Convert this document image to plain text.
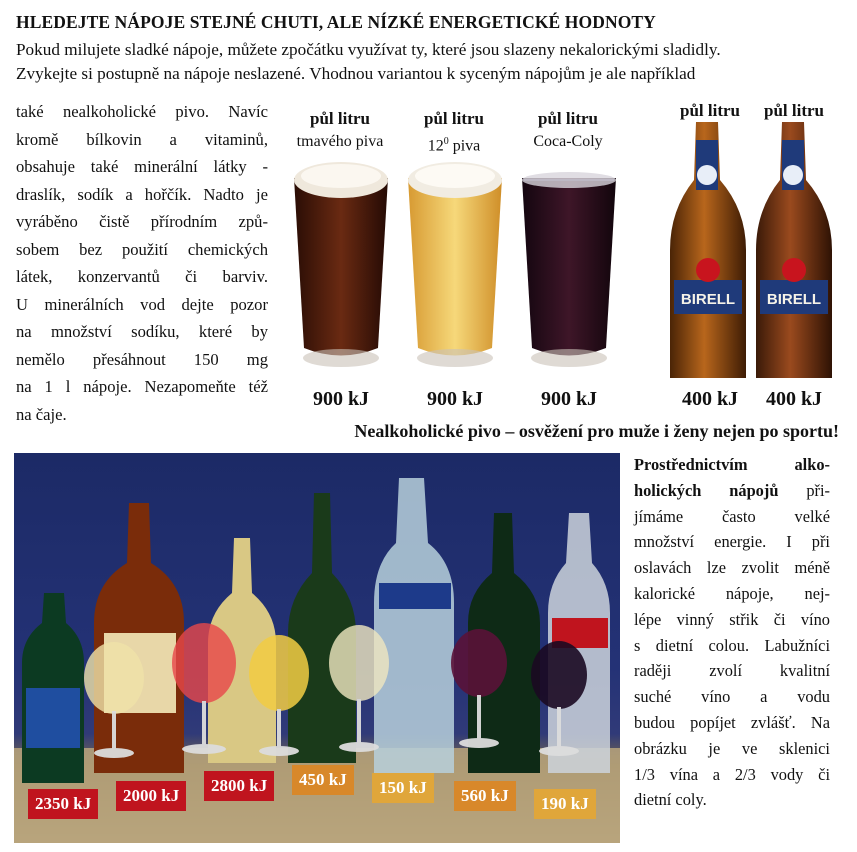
HLEDEJTE NÁPOJE STEJNÉ CHUTI, ALE NÍZKÉ ENERGETICKÉ HODNOTY
Pokud milujete sladké nápoje, můžete zpočátku využívat ty, které jsou slazeny nekalorickými sladidly.
Zvykejte si postupně na nápoje neslazené. Vhodnou variantou k syceným nápojům je ale například
také nealkoholické pivo. Navíc
kromě bílkovin a vitaminů,
obsahuje také minerální látky -
draslík, sodík a hořčík. Nadto je
vyráběno čistě přírodním způ-
sobem bez použití chemických
látek, konzervantů či barviv.
U minerálních vod dejte pozor
na množství sodíku, které by
nemělo přesáhnout 150 mg
na 1 l nápoje. Nezapomeňte též
na čaje.
půl litru
tmavého piva
900 kJ
půl litru
$12^0$ piva
900 kJ
půl litru
Coca-Coly
900 kJ
půl litru	půl litru
BIRELL BIRELL
400 kJ	400 kJ
Nealkoholické pivo – osvěžení pro muže i ženy nejen po sportu!
2350 kJ	2000 kJ
2800 kJ	450 kJ	150 kJ	560 kJ	190 kJ
Prostřednictvím alko-
holických nápojů při-
jímáme často velké
množství energie. I při
oslavách lze zvolit méně
kalorické nápoje, nej-
lépe vinný střik či víno
s dietní colou. Labužníci
raději zvolí kvalitní
suché víno a vodu
budou popíjet zvlášť. Na
obrázku je ve sklenici
1/3 vína a 2/3 vody či
dietní coly.
